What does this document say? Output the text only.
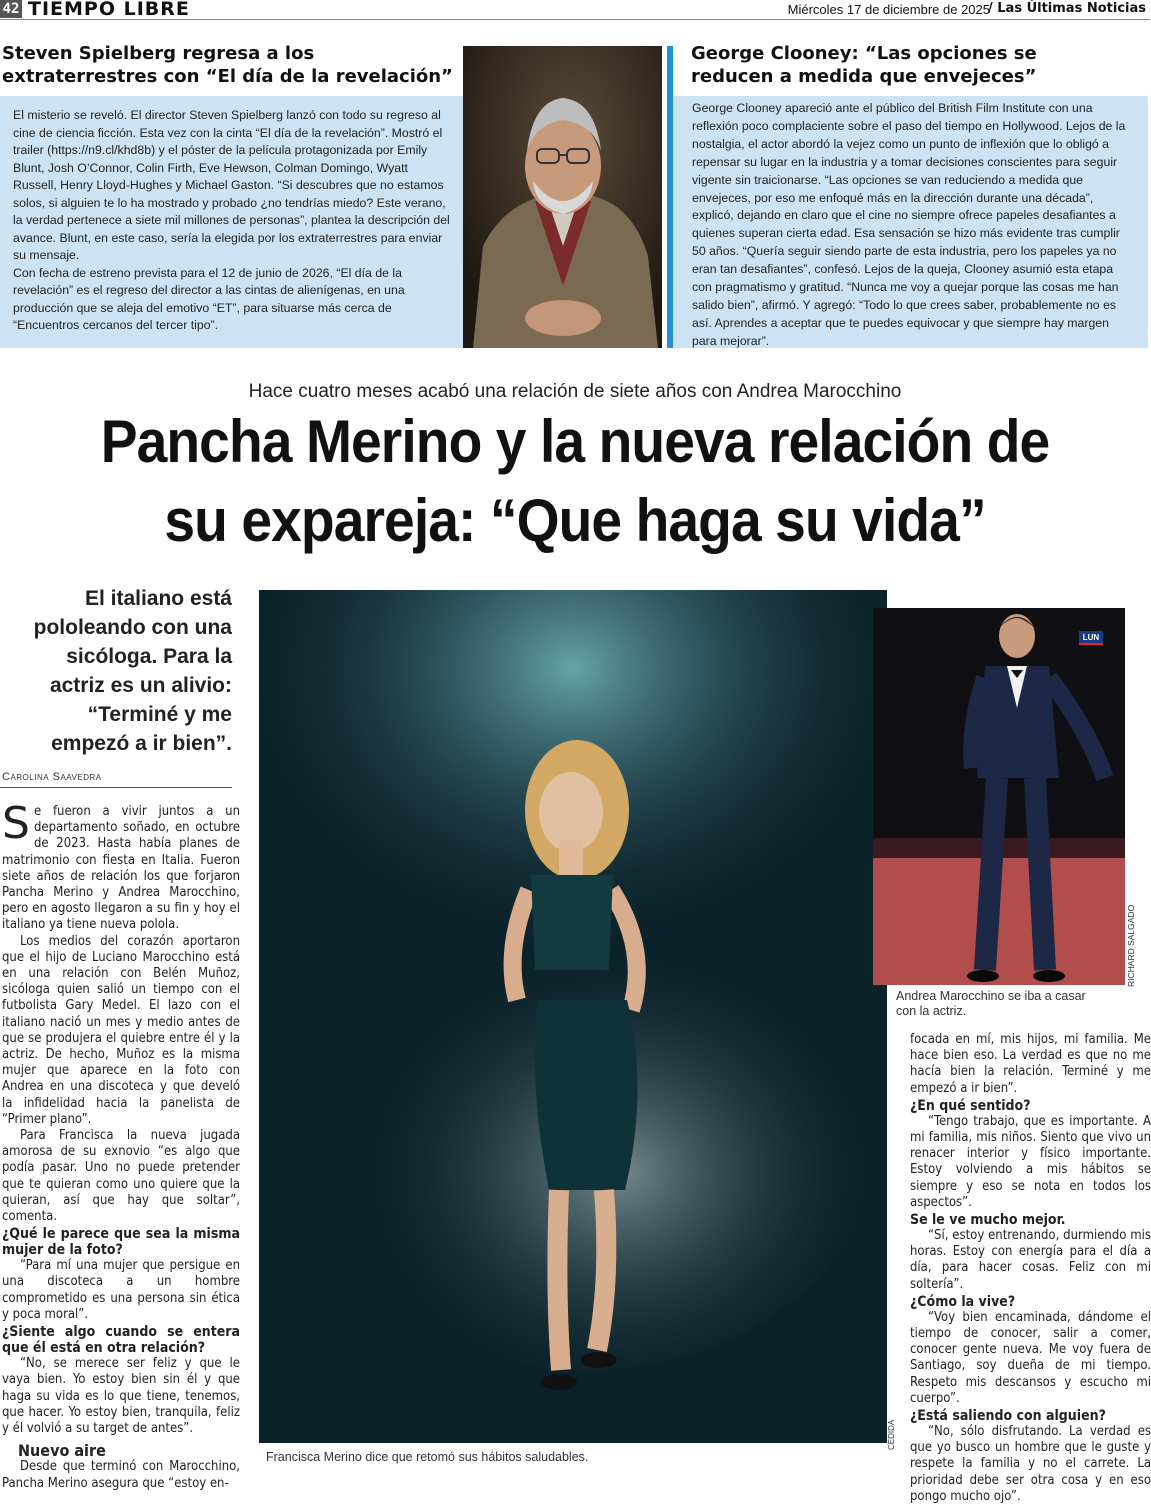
42 TIEMPO LIBRE	Miércoles 17 de diciembre de 2025
/ Las Últimas Noticias
Steven Spielberg regresa a los
extraterrestres con “El día de la revelación”

El misterio se reveló. El director Steven Spielberg lanzó con todo su regreso al cine de ciencia ficción. Esta vez con la cinta “El día de la revelación”. Mostró el trailer (https://n9.cl/khd8b) y el póster de la película protagonizada por Emily Blunt, Josh O’Connor, Colin Firth, Eve Hewson, Colman Domingo, Wyatt Russell, Henry Lloyd-Hughes y Michael Gaston. “Si descubres que no estamos solos, si alguien te lo ha mostrado y probado ¿no tendrías miedo? Este verano, la verdad pertenece a siete mil millones de personas”, plantea la descripción del avance. Blunt, en este caso, sería la elegida por los extraterrestres para enviar su mensaje.

Con fecha de estreno prevista para el 12 de junio de 2026, “El día de la revelación” es el regreso del director a las cintas de alienígenas, en una producción que se aleja del emotivo “ET”, para situarse más cerca de “Encuentros cercanos del tercer tipo”.

George Clooney: “Las opciones se
reducen a medida que envejeces”

George Clooney apareció ante el público del British Film Institute con una reflexión poco complaciente sobre el paso del tiempo en Hollywood. Lejos de la nostalgia, el actor abordó la vejez como un punto de inflexión que lo obligó a repensar su lugar en la industria y a tomar decisiones conscientes para seguir vigente sin traicionarse. “Las opciones se van reduciendo a medida que envejeces, por eso me enfoqué más en la dirección durante una década”, explicó, dejando en claro que el cine no siempre ofrece papeles desafiantes a quienes superan cierta edad. Esa sensación se hizo más evidente tras cumplir 50 años. “Quería seguir siendo parte de esta industria, pero los papeles ya no eran tan desafiantes”, confesó. Lejos de la queja, Clooney asumió esta etapa con pragmatismo y gratitud. “Nunca me voy a quejar porque las cosas me han salido bien”, afirmó. Y agregó: “Todo lo que crees saber, probablemente no es así. Aprendes a aceptar que te puedes equivocar y que siempre hay margen para mejorar”.

Hace cuatro meses acabó una relación de siete años con Andrea Marocchino
Pancha Merino y la nueva relación de
su expareja: “Que haga su vida”
El italiano está pololeando con una sicóloga. Para la actriz es un alivio: “Terminé y me empezó a ir bien”.
Carolina Saavedra

Se fueron a vivir juntos a un departamento soñado, en octubre de 2023. Hasta había planes de matrimonio con fiesta en Italia. Fueron siete años de relación los que forjaron Pancha Merino y Andrea Marocchino, pero en agosto llegaron a su fin y hoy el italiano ya tiene nueva polola.

Los medios del corazón aportaron que el hijo de Luciano Marocchino está en una relación con Belén Muñoz, sicóloga quien salió un tiempo con el futbolista Gary Medel. El lazo con el italiano nació un mes y medio antes de que se produjera el quiebre entre él y la actriz. De hecho, Muñoz es la misma mujer que aparece en la foto con Andrea en una discoteca y que develó la infidelidad hacia la panelista de “Primer plano”.

Para Francisca la nueva jugada amorosa de su exnovio “es algo que podía pasar. Uno no puede pretender que te quieran como uno quiere que la quieran, así que hay que soltar”, comenta.

¿Qué le parece que sea la misma mujer de la foto?

“Para mí una mujer que persigue en una discoteca a un hombre comprometido es una persona sin ética y poca moral”.

¿Siente algo cuando se entera que él está en otra relación?

“No, se merece ser feliz y que le vaya bien. Yo estoy bien sin él y que haga su vida es lo que tiene, tenemos, que hacer. Yo estoy bien, tranquila, feliz y él volvió a su target de antes”.

Nuevo aire

Desde que terminó con Marocchino, Pancha Merino asegura que “estoy en-

Francisca Merino dice que retomó sus hábitos saludables.
CEDIDA
LUN
RICHARD SALGADO
Andrea Marocchino se iba a casar con la actriz.

focada en mí, mis hijos, mi familia. Me hace bien eso. La verdad es que no me hacía bien la relación. Terminé y me empezó a ir bien”.

¿En qué sentido?

“Tengo trabajo, que es importante. A mi familia, mis niños. Siento que vivo un renacer interior y físico importante. Estoy volviendo a mis hábitos se siempre y eso se nota en todos los aspectos”.

Se le ve mucho mejor.

“Sí, estoy entrenando, durmiendo mis horas. Estoy con energía para el día a día, para hacer cosas. Feliz con mi soltería”.

¿Cómo la vive?

“Voy bien encaminada, dándome el tiempo de conocer, salir a comer, conocer gente nueva. Me voy fuera de Santiago, soy dueña de mi tiempo. Respeto mis descansos y escucho mi cuerpo”.

¿Está saliendo con alguien?

“No, sólo disfrutando. La verdad es que yo busco un hombre que le guste y respete la familia y no el carrete. La prioridad debe ser otra cosa y en eso pongo mucho ojo”.
